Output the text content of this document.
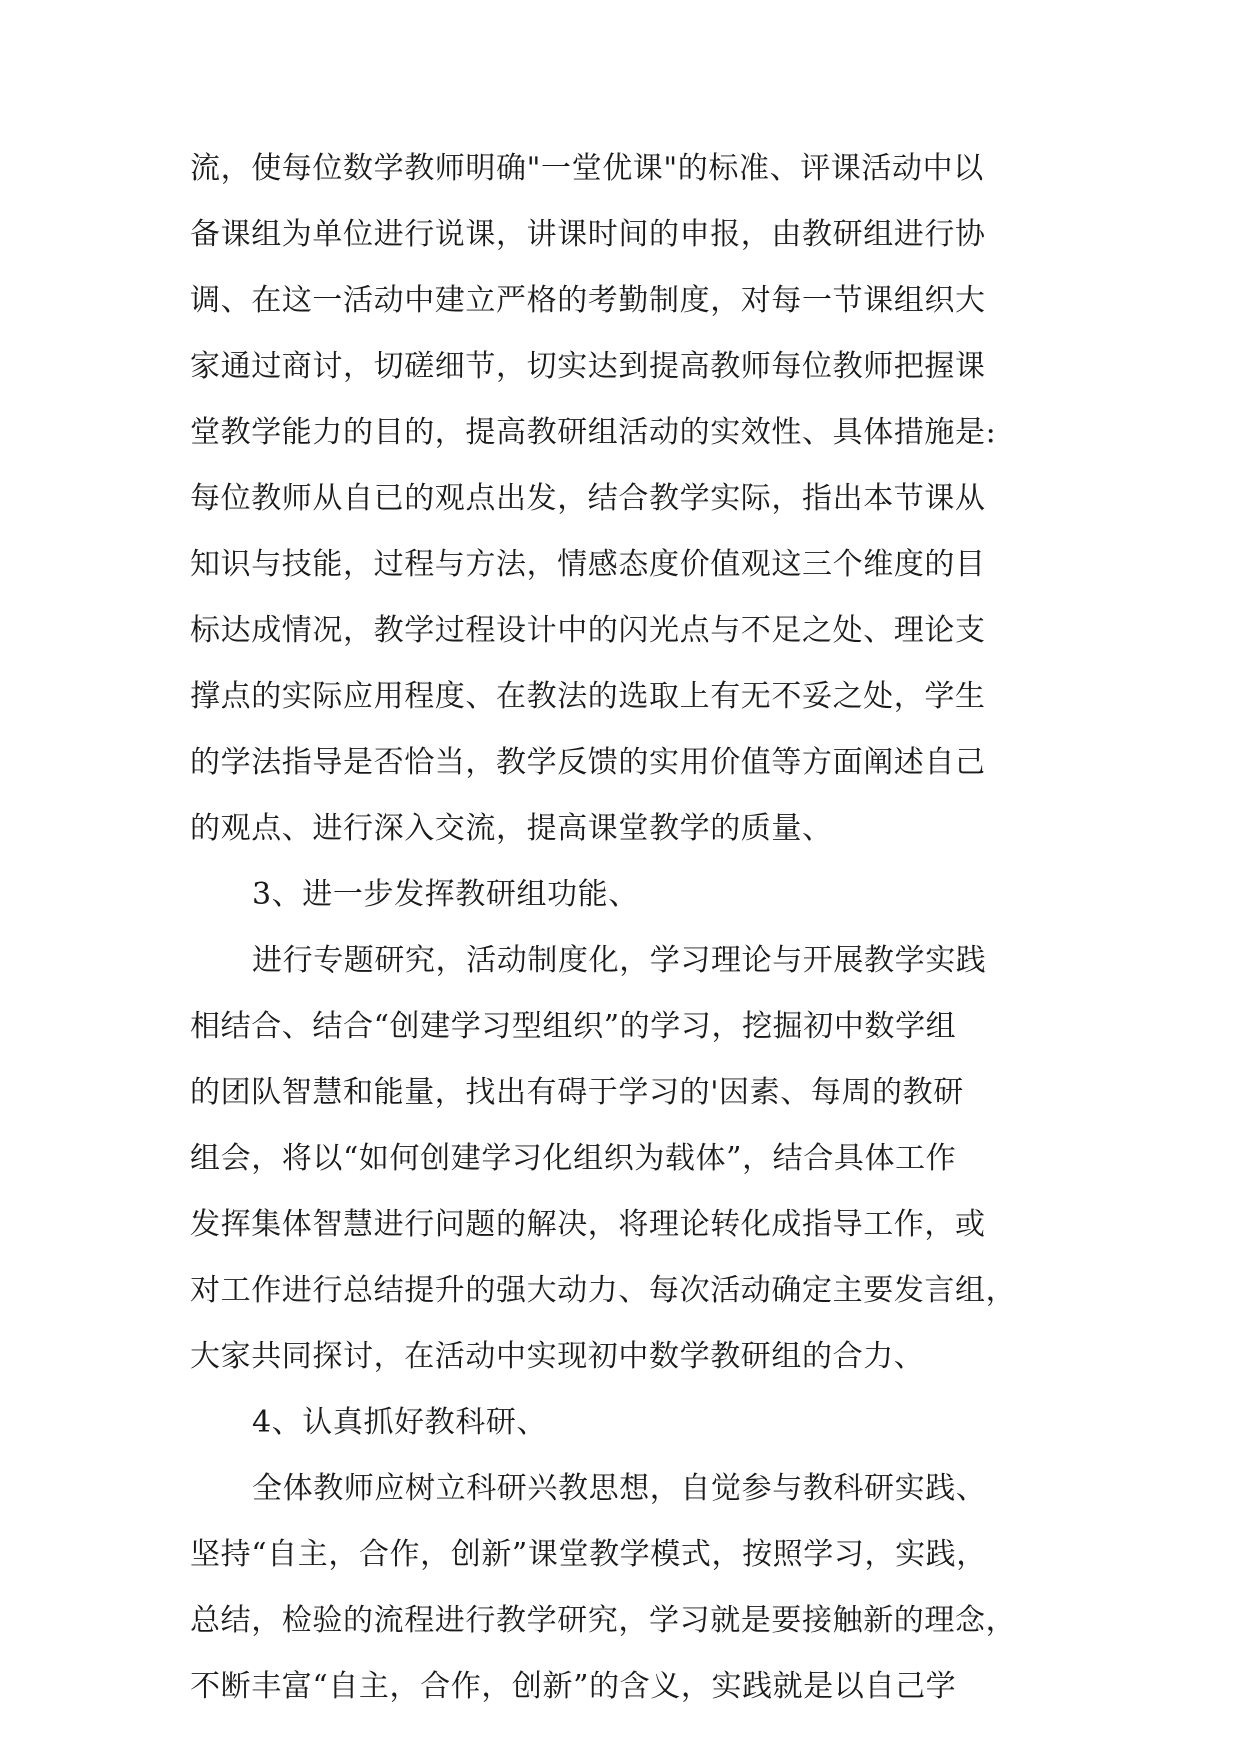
流，使每位数学教师明确"一堂优课"的标准、评课活动中以
备课组为单位进行说课，讲课时间的申报，由教研组进行协
调、在这一活动中建立严格的考勤制度，对每一节课组织大
家通过商讨，切磋细节，切实达到提高教师每位教师把握课
堂教学能力的目的，提高教研组活动的实效性、具体措施是:
每位教师从自已的观点出发，结合教学实际，指出本节课从
知识与技能，过程与方法，情感态度价值观这三个维度的目
标达成情况，教学过程设计中的闪光点与不足之处、理论支
撑点的实际应用程度、在教法的选取上有无不妥之处，学生
的学法指导是否恰当，教学反馈的实用价值等方面阐述自己
的观点、进行深入交流，提高课堂教学的质量、
3、进一步发挥教研组功能、
进行专题研究，活动制度化，学习理论与开展教学实践
相结合、结合“创建学习型组织”的学习，挖掘初中数学组
的团队智慧和能量，找出有碍于学习的'因素、每周的教研
组会，将以“如何创建学习化组织为载体”，结合具体工作
发挥集体智慧进行问题的解决，将理论转化成指导工作，或
对工作进行总结提升的强大动力、每次活动确定主要发言组，
大家共同探讨，在活动中实现初中数学教研组的合力、
4、认真抓好教科研、
全体教师应树立科研兴教思想，自觉参与教科研实践、
坚持“自主，合作，创新”课堂教学模式，按照学习，实践，
总结，检验的流程进行教学研究，学习就是要接触新的理念，
不断丰富“自主，合作，创新”的含义，实践就是以自己学
